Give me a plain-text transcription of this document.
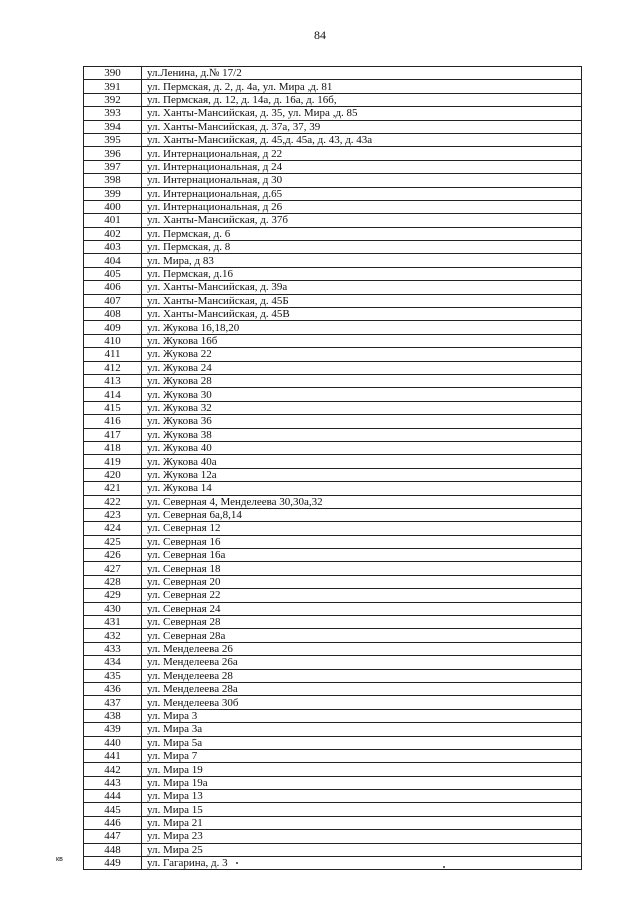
84
390	ул.Ленина, д.№ 17/2
391	ул. Пермская, д. 2, д. 4а, ул. Мира ,д. 81
392	ул. Пермская, д. 12, д. 14а, д. 16а, д. 16б,
393	ул. Ханты-Мансийская, д. 35, ул. Мира ,д. 85
394	ул. Ханты-Мансийская, д. 37а, 37, 39
395	ул. Ханты-Мансийская, д. 45,д. 45а, д. 43, д. 43а
396	ул. Интернациональная, д 22
397	ул. Интернациональная, д 24
398	ул. Интернациональная, д 30
399	ул. Интернациональная, д.65
400	ул. Интернациональная, д 26
401	ул. Ханты-Мансийская, д. 37б
402	ул. Пермская, д. 6
403	ул. Пермская, д. 8
404	ул. Мира, д 83
405	ул. Пермская, д.16
406	ул. Ханты-Мансийская, д. 39а
407	ул. Ханты-Мансийская, д. 45Б
408	ул. Ханты-Мансийская, д. 45В
409	ул. Жукова 16,18,20
410	ул. Жукова 16б
411	ул. Жукова 22
412	ул. Жукова 24
413	ул. Жукова 28
414	ул. Жукова 30
415	ул. Жукова 32
416	ул. Жукова 36
417	ул. Жукова 38
418	ул. Жукова 40
419	ул. Жукова 40а
420	ул. Жукова 12а
421	ул. Жукова 14
422	ул. Северная 4, Менделеева 30,30а,32
423	ул. Северная 6а,8,14
424	ул. Северная 12
425	ул. Северная 16
426	ул. Северная 16а
427	ул. Северная 18
428	ул. Северная 20
429	ул. Северная 22
430	ул. Северная 24
431	ул. Северная 28
432	ул. Северная 28а
433	ул. Менделеева 26
434	ул. Менделеева 26а
435	ул. Менделеева 28
436	ул. Менделеева 28а
437	ул. Менделеева 30б
438	ул. Мира 3
439	ул. Мира 3а
440	ул. Мира 5а
441	ул. Мира 7
442	ул. Мира 19
443	ул. Мира 19а
444	ул. Мира 13
445	ул. Мира 15
446	ул. Мира 21
447	ул. Мира 23
448	ул. Мира 25
449	ул. Гагарина, д. 3
кв
